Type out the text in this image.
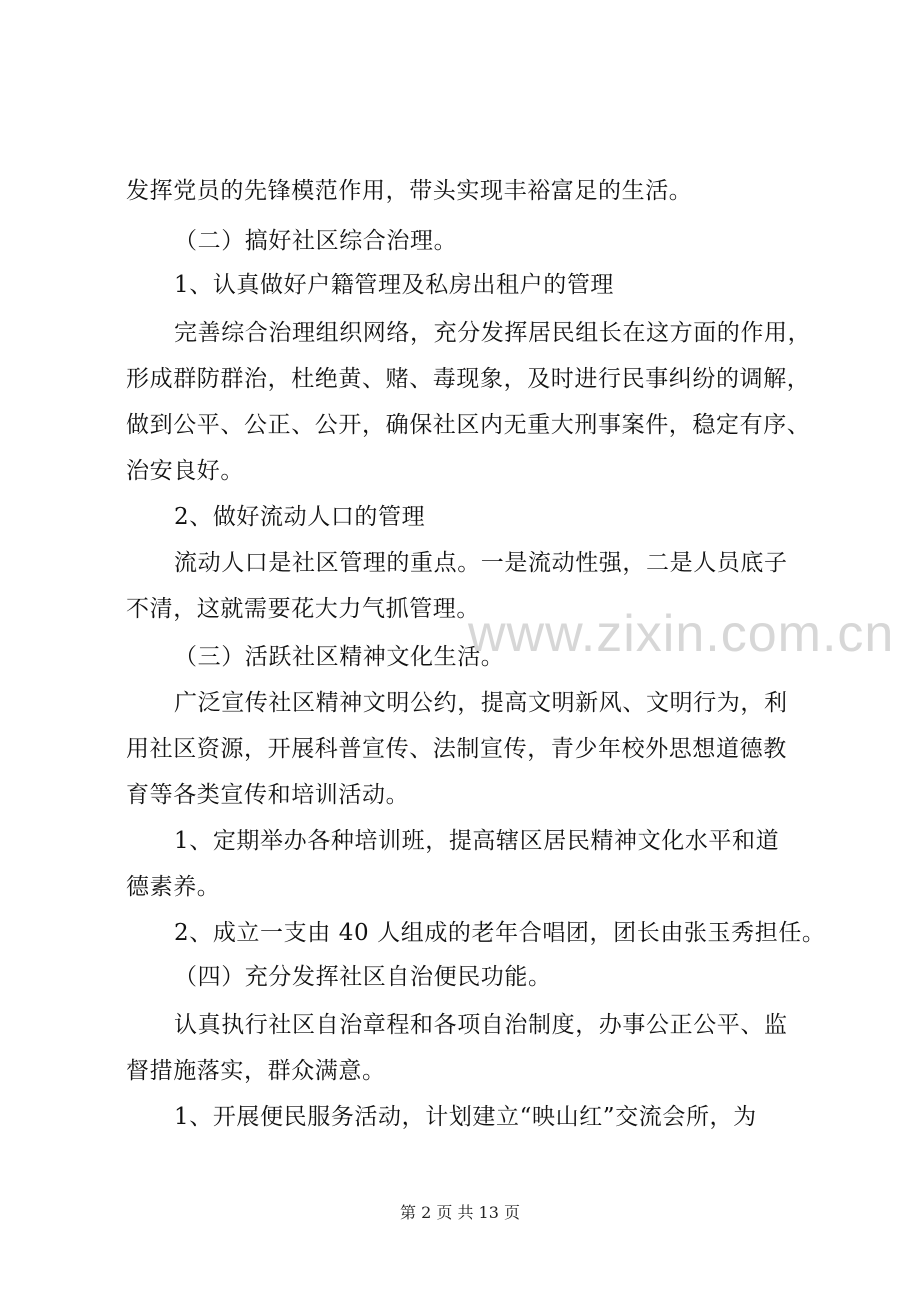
发挥党员的先锋模范作用，带头实现丰裕富足的生活。
（二）搞好社区综合治理。
1、认真做好户籍管理及私房出租户的管理
完善综合治理组织网络，充分发挥居民组长在这方面的作用，
形成群防群治，杜绝黄、赌、毒现象，及时进行民事纠纷的调解，
做到公平、公正、公开，确保社区内无重大刑事案件，稳定有序、
治安良好。
2、做好流动人口的管理
流动人口是社区管理的重点。一是流动性强，二是人员底子
不清，这就需要花大力气抓管理。
（三）活跃社区精神文化生活。
广泛宣传社区精神文明公约，提高文明新风、文明行为，利
用社区资源，开展科普宣传、法制宣传，青少年校外思想道德教
育等各类宣传和培训活动。
1、定期举办各种培训班，提高辖区居民精神文化水平和道
德素养。
2、成立一支由 40 人组成的老年合唱团，团长由张玉秀担任。
（四）充分发挥社区自治便民功能。
认真执行社区自治章程和各项自治制度，办事公正公平、监
督措施落实，群众满意。
1、开展便民服务活动，计划建立“映山红”交流会所，为
www.zixin.com.cn
第 2 页 共 13 页
